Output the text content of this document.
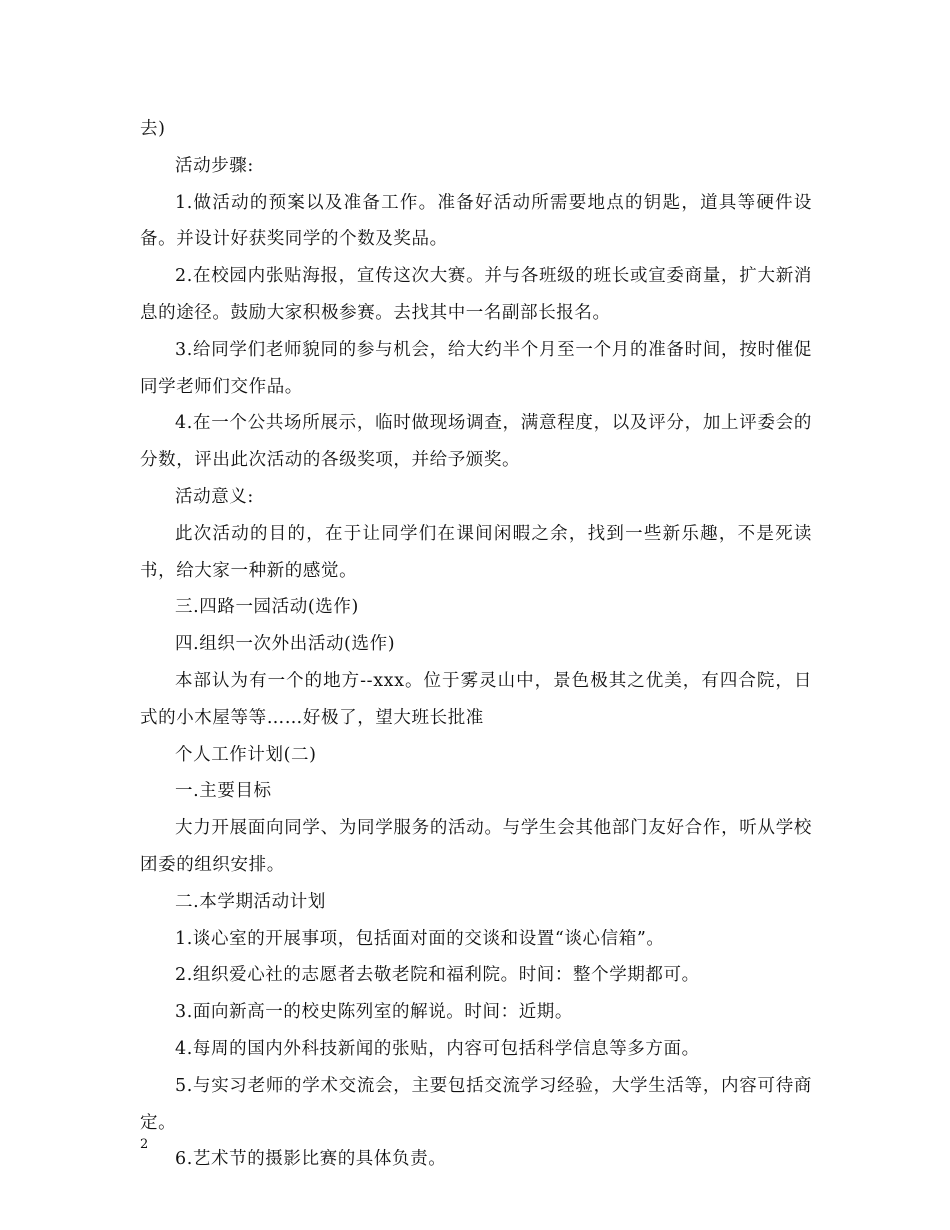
去)

活动步骤:

1.做活动的预案以及准备工作。准备好活动所需要地点的钥匙，道具等硬件设备。并设计好获奖同学的个数及奖品。

2.在校园内张贴海报，宣传这次大赛。并与各班级的班长或宣委商量，扩大新消息的途径。鼓励大家积极参赛。去找其中一名副部长报名。

3.给同学们老师貌同的参与机会，给大约半个月至一个月的准备时间，按时催促同学老师们交作品。

4.在一个公共场所展示，临时做现场调查，满意程度，以及评分，加上评委会的分数，评出此次活动的各级奖项，并给予颁奖。

活动意义:

此次活动的目的，在于让同学们在课间闲暇之余，找到一些新乐趣，不是死读书，给大家一种新的感觉。

三.四路一园活动(选作)

四.组织一次外出活动(选作)

本部认为有一个的地方--xxx。位于雾灵山中，景色极其之优美，有四合院，日式的小木屋等等……好极了，望大班长批准

个人工作计划(二)

一.主要目标

大力开展面向同学、为同学服务的活动。与学生会其他部门友好合作，听从学校团委的组织安排。

二.本学期活动计划

1.谈心室的开展事项，包括面对面的交谈和设置“谈心信箱”。

2.组织爱心社的志愿者去敬老院和福利院。时间：整个学期都可。

3.面向新高一的校史陈列室的解说。时间：近期。

4.每周的国内外科技新闻的张贴，内容可包括科学信息等多方面。

5.与实习老师的学术交流会，主要包括交流学习经验，大学生活等，内容可待商定。

6.艺术节的摄影比赛的具体负责。

2
